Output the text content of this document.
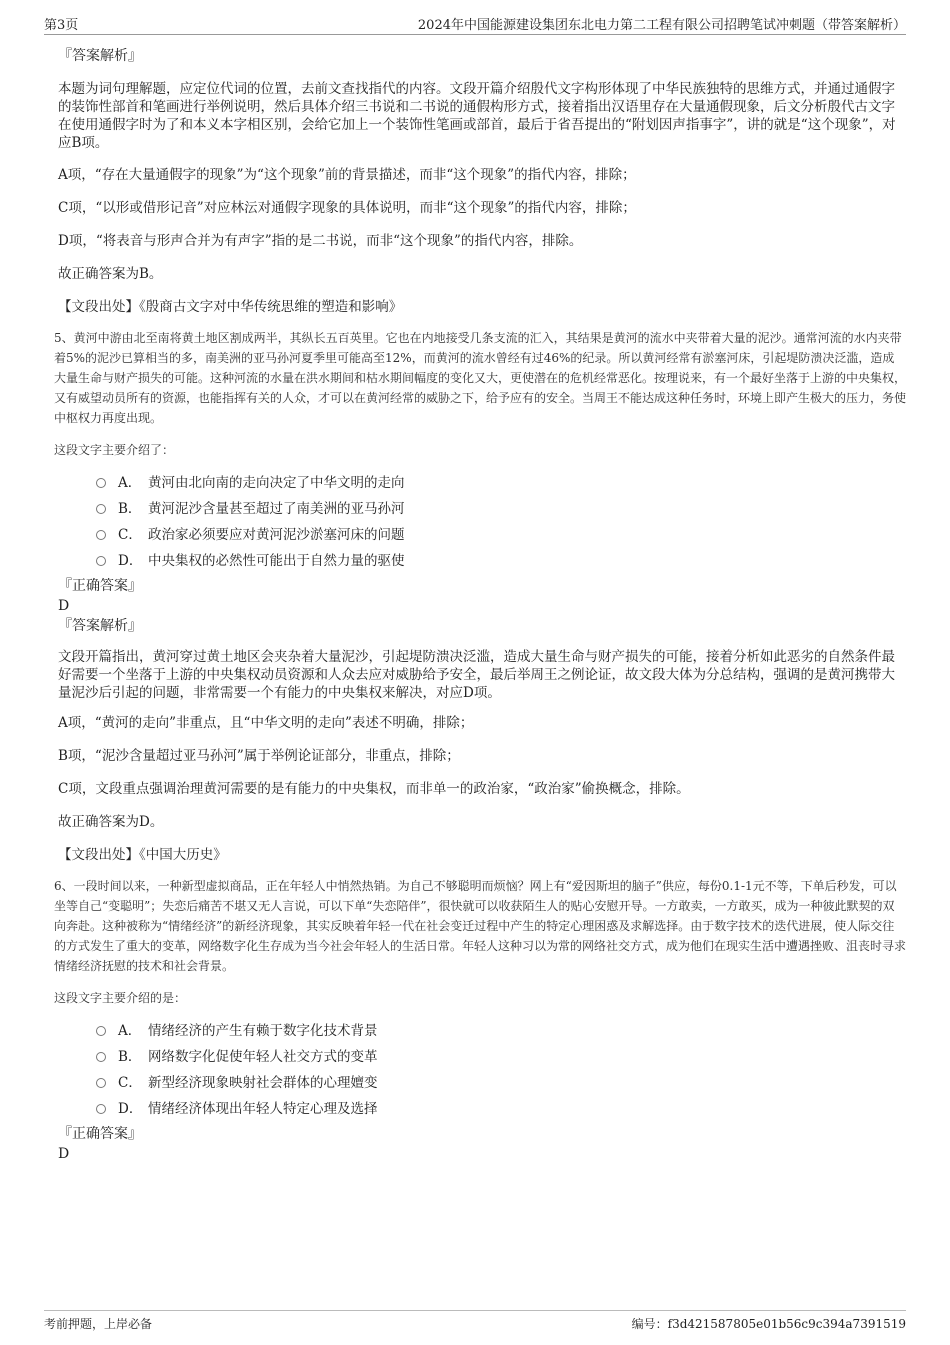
第3页	2024年中国能源建设集团东北电力第二工程有限公司招聘笔试冲刺题（带答案解析）
『答案解析』
本题为词句理解题，应定位代词的位置，去前文查找指代的内容。文段开篇介绍殷代文字构形体现了中华民族独特的思维方式，并通过通假字的装饰性部首和笔画进行举例说明，然后具体介绍三书说和二书说的通假构形方式，接着指出汉语里存在大量通假现象，后文分析殷代古文字在使用通假字时为了和本义本字相区别，会给它加上一个装饰性笔画或部首，最后于省吾提出的“附划因声指事字”，讲的就是“这个现象”，对应B项。
A项，“存在大量通假字的现象”为“这个现象”前的背景描述，而非“这个现象”的指代内容，排除；
C项，“以形或借形记音”对应林沄对通假字现象的具体说明，而非“这个现象”的指代内容，排除；
D项，“将表音与形声合并为有声字”指的是二书说，而非“这个现象”的指代内容，排除。
故正确答案为B。
【文段出处】《殷商古文字对中华传统思维的塑造和影响》
5、黄河中游由北至南将黄土地区割成两半，其纵长五百英里。它也在内地接受几条支流的汇入，其结果是黄河的流水中夹带着大量的泥沙。通常河流的水内夹带着5%的泥沙已算相当的多，南美洲的亚马孙河夏季里可能高至12%，而黄河的流水曾经有过46%的纪录。所以黄河经常有淤塞河床，引起堤防溃决泛滥，造成大量生命与财产损失的可能。这种河流的水量在洪水期间和枯水期间幅度的变化又大，更使潜在的危机经常恶化。按理说来，有一个最好坐落于上游的中央集权，又有威望动员所有的资源，也能指挥有关的人众，才可以在黄河经常的威胁之下，给予应有的安全。当周王不能达成这种任务时，环境上即产生极大的压力，务使中枢权力再度出现。
这段文字主要介绍了：
A． 黄河由北向南的走向决定了中华文明的走向
B． 黄河泥沙含量甚至超过了南美洲的亚马孙河
C． 政治家必须要应对黄河泥沙淤塞河床的问题
D． 中央集权的必然性可能出于自然力量的驱使
『正确答案』
D
『答案解析』
文段开篇指出，黄河穿过黄土地区会夹杂着大量泥沙，引起堤防溃决泛滥，造成大量生命与财产损失的可能，接着分析如此恶劣的自然条件最好需要一个坐落于上游的中央集权动员资源和人众去应对威胁给予安全，最后举周王之例论证，故文段大体为分总结构，强调的是黄河携带大量泥沙后引起的问题，非常需要一个有能力的中央集权来解决，对应D项。
A项，“黄河的走向”非重点，且“中华文明的走向”表述不明确，排除；
B项，“泥沙含量超过亚马孙河”属于举例论证部分，非重点，排除；
C项，文段重点强调治理黄河需要的是有能力的中央集权，而非单一的政治家，“政治家”偷换概念，排除。
故正确答案为D。
【文段出处】《中国大历史》
6、一段时间以来，一种新型虚拟商品，正在年轻人中悄然热销。为自己不够聪明而烦恼？网上有“爱因斯坦的脑子”供应，每份0.1-1元不等，下单后秒发，可以坐等自己“变聪明”；失恋后痛苦不堪又无人言说，可以下单“失恋陪伴”，很快就可以收获陌生人的贴心安慰开导。一方敢卖，一方敢买，成为一种彼此默契的双向奔赴。这种被称为“情绪经济”的新经济现象，其实反映着年轻一代在社会变迁过程中产生的特定心理困惑及求解选择。由于数字技术的迭代进展，使人际交往的方式发生了重大的变革，网络数字化生存成为当今社会年轻人的生活日常。年轻人这种习以为常的网络社交方式，成为他们在现实生活中遭遇挫败、沮丧时寻求情绪经济抚慰的技术和社会背景。
这段文字主要介绍的是：
A． 情绪经济的产生有赖于数字化技术背景
B． 网络数字化促使年轻人社交方式的变革
C． 新型经济现象映射社会群体的心理嬗变
D． 情绪经济体现出年轻人特定心理及选择
『正确答案』
D
考前押题，上岸必备	编号：f3d421587805e01b56c9c394a7391519
